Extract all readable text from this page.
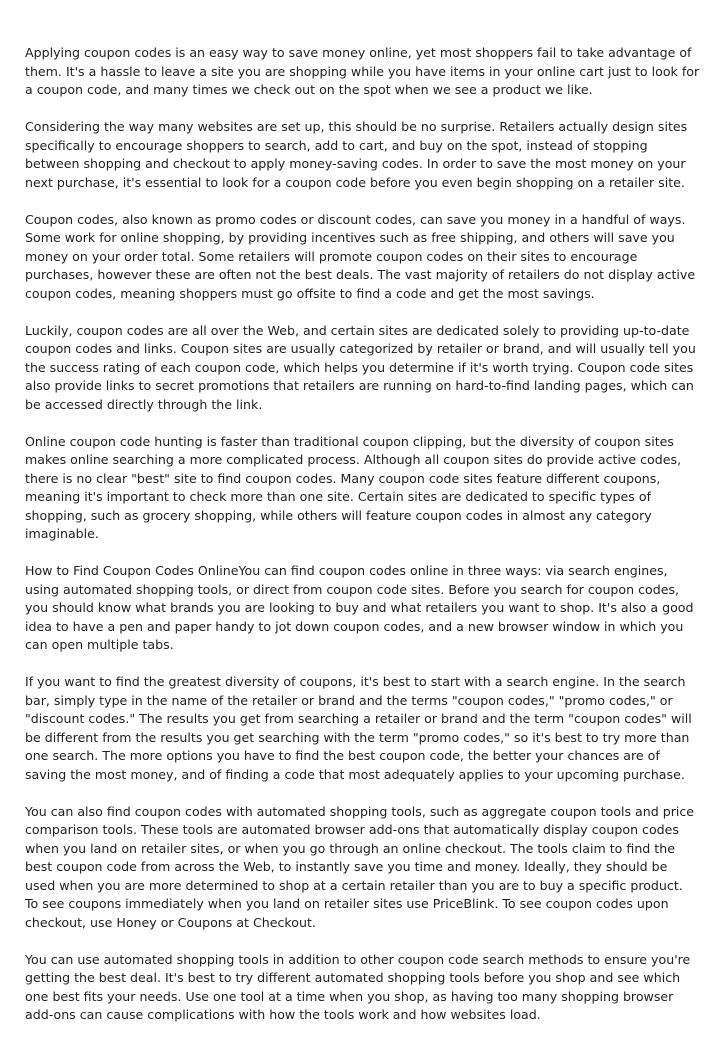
Applying coupon codes is an easy way to save money online, yet most shoppers fail to take advantage of them. It's a hassle to leave a site you are shopping while you have items in your online cart just to look for a coupon code, and many times we check out on the spot when we see a product we like.

Considering the way many websites are set up, this should be no surprise. Retailers actually design sites specifically to encourage shoppers to search, add to cart, and buy on the spot, instead of stopping between shopping and checkout to apply money-saving codes. In order to save the most money on your next purchase, it's essential to look for a coupon code before you even begin shopping on a retailer site.

Coupon codes, also known as promo codes or discount codes, can save you money in a handful of ways. Some work for online shopping, by providing incentives such as free shipping, and others will save you money on your order total. Some retailers will promote coupon codes on their sites to encourage purchases, however these are often not the best deals. The vast majority of retailers do not display active coupon codes, meaning shoppers must go offsite to find a code and get the most savings.

Luckily, coupon codes are all over the Web, and certain sites are dedicated solely to providing up-to-date coupon codes and links. Coupon sites are usually categorized by retailer or brand, and will usually tell you the success rating of each coupon code, which helps you determine if it's worth trying. Coupon code sites also provide links to secret promotions that retailers are running on hard-to-find landing pages, which can be accessed directly through the link.

Online coupon code hunting is faster than traditional coupon clipping, but the diversity of coupon sites makes online searching a more complicated process. Although all coupon sites do provide active codes, there is no clear "best" site to find coupon codes. Many coupon code sites feature different coupons, meaning it's important to check more than one site. Certain sites are dedicated to specific types of shopping, such as grocery shopping, while others will feature coupon codes in almost any category imaginable.

How to Find Coupon Codes OnlineYou can find coupon codes online in three ways: via search engines, using automated shopping tools, or direct from coupon code sites. Before you search for coupon codes, you should know what brands you are looking to buy and what retailers you want to shop. It's also a good idea to have a pen and paper handy to jot down coupon codes, and a new browser window in which you can open multiple tabs.

If you want to find the greatest diversity of coupons, it's best to start with a search engine. In the search bar, simply type in the name of the retailer or brand and the terms "coupon codes," "promo codes," or "discount codes." The results you get from searching a retailer or brand and the term "coupon codes" will be different from the results you get searching with the term "promo codes," so it's best to try more than one search. The more options you have to find the best coupon code, the better your chances are of saving the most money, and of finding a code that most adequately applies to your upcoming purchase.

You can also find coupon codes with automated shopping tools, such as aggregate coupon tools and price comparison tools. These tools are automated browser add-ons that automatically display coupon codes when you land on retailer sites, or when you go through an online checkout. The tools claim to find the best coupon code from across the Web, to instantly save you time and money. Ideally, they should be used when you are more determined to shop at a certain retailer than you are to buy a specific product. To see coupons immediately when you land on retailer sites use PriceBlink. To see coupon codes upon checkout, use Honey or Coupons at Checkout.

You can use automated shopping tools in addition to other coupon code search methods to ensure you're getting the best deal. It's best to try different automated shopping tools before you shop and see which one best fits your needs. Use one tool at a time when you shop, as having too many shopping browser add-ons can cause complications with how the tools work and how websites load.
